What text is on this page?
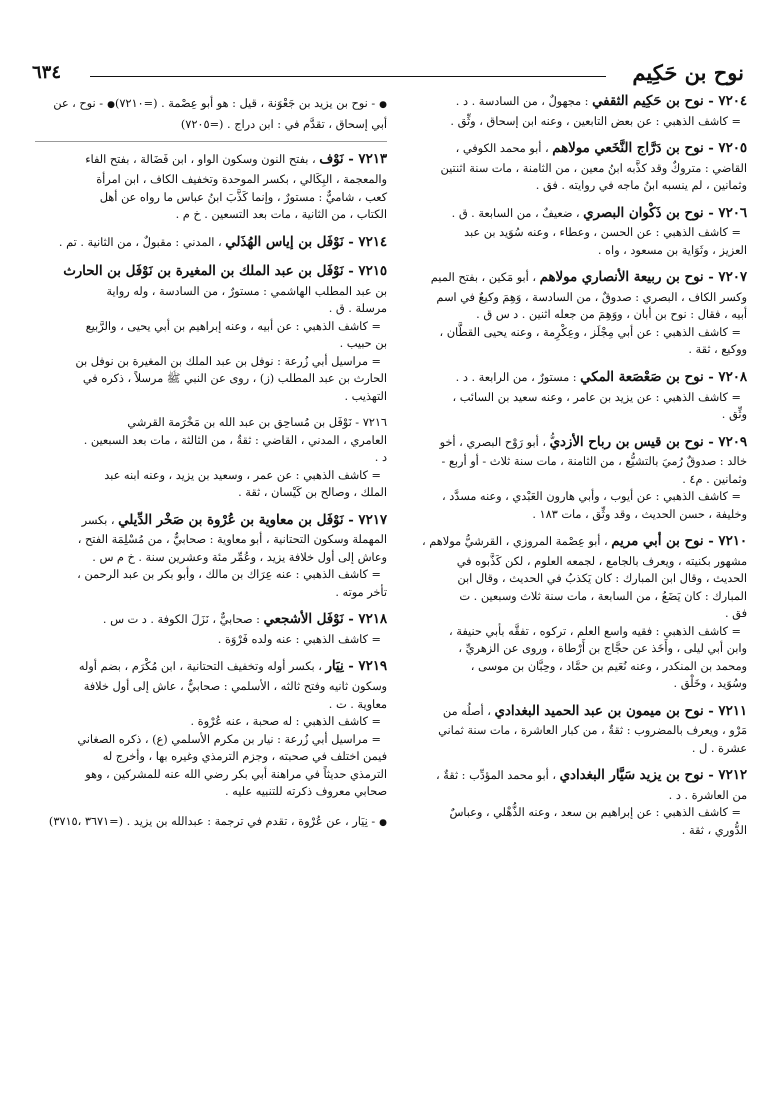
نوح بن حَكِيم
٦٣٤
٧٢٠٤ - نوح بن حَكِيم الثقفي : مجهولٌ ، من السادسة . د .
= كاشف الذهبي : عن بعض التابعين ، وعنه ابن إسحاق ، وثِّق .
٧٢٠٥ - نوح بن دَرَّاج النَّخَعي مولاهم ، أبو محمد الكوفي ،
القاضي : متروكٌ وقد كذَّبه ابنُ معين ، من الثامنة ، مات سنة اثنتين
وثمانين ، لم ينسبه ابنُ ماجه في روايته . فق .
٧٢٠٦ - نوح بن ذَكْوان البصري ، ضعيفٌ ، من السابعة . ق .
= كاشف الذهبي : عن الحسن ، وعطاء ، وعنه سُوَيد بن عبد
العزيز ، وثَوَاية بن مسعود ، واه .
٧٢٠٧ - نوح بن ربيعة الأنصاري مولاهم ، أبو مَكين ، بفتح الميم
وكسر الكاف ، البصري : صدوقٌ ، من السادسة ، وَهِمَ وكيعٌ في اسم
أبيه ، فقال : نوح بن أبان ، ووَهِمَ من جعله اثنين . د س ق .
= كاشف الذهبي : عن أبي مِجْلَز ، وعِكْرِمة ، وعنه يحيى القطَّان ،
ووكيع ، ثقة .
٧٢٠٨ - نوح بن صَعْصَعة المكي : مستورٌ ، من الرابعة . د .
= كاشف الذهبي : عن يزيد بن عامر ، وعنه سعيد بن السائب ،
وثِّق .
٧٢٠٩ - نوح بن قيس بن رباح الأزديُّ ، أبو رَوْح البصري ، أخو
خالد : صدوقٌ رُميَ بالتشيُّع ، من الثامنة ، مات سنة ثلاث - أو أربع -
وثمانين . م٤ .
= كاشف الذهبي : عن أيوب ، وأبي هارون العَبْدي ، وعنه مسدَّد ،
وخليفة ، حسن الحديث ، وقد وثِّق ، مات ١٨٣ .
٧٢١٠ - نوح بن أبي مريم ، أبو عِصْمة المروزي ، القرشيُّ مولاهم ،
مشهور بكنيته ، ويعرف بالجامع ، لجمعه العلوم ، لكن كَذَّبوه في
الحديث ، وقال ابن المبارك : كان يَكذبُ في الحديث ، وقال ابن
المبارك : كان يَضَعُ ، من السابعة ، مات سنة ثلاث وسبعين . ت
فق .
= كاشف الذهبي : فقيه واسع العلم ، تركوه ، تفقَّه بأبي حنيفة ،
وابن أبي ليلى ، وأَخَذ عن حجَّاج بن أَرْطاة ، وروى عن الزهريِّ ،
ومحمد بن المنكدر ، وعنه نُعَيم بن حمَّاد ، وحِبَّان بن موسى ،
وسُوَيد ، وخَلْق .
٧٢١١ - نوح بن ميمون بن عبد الحميد البغدادي ، أصلُه من
مَرْو ، ويعرف بالمضروب : ثقةٌ ، من كبار العاشرة ، مات سنة ثماني
عشرة . ل .
٧٢١٢ - نوح بن يزيد سَيَّار البغدادي ، أبو محمد المؤدِّب : ثقةٌ ،
من العاشرة . د .
= كاشف الذهبي : عن إبراهيم بن سعد ، وعنه الذُّهْلي ، وعباسٌ
الدُّوري ، ثقة .
● - نوح بن يزيد بن جَعْوَنة ، قيل : هو أبو عِصْمة . (=٧٢١٠)● - نوح ، عن أبي إسحاق ، تقدَّم في : ابن دراج . (=٧٢٠٥)
٧٢١٣ - نَوْف ، بفتح النون وسكون الواو ، ابن فَضَالة ، بفتح الفاء
والمعجمة ، البِكَالي ، بكسر الموحدة وتخفيف الكاف ، ابن امرأة
كعب ، شاميٌّ : مستورٌ ، وإنما كَذَّبَ ابنُ عباس ما رواه عن أهل
الكتاب ، من الثانية ، مات بعد التسعين . خ م .
٧٢١٤ - نَوْفَل بن إياس الهُذَلي ، المدني : مقبولٌ ، من الثانية . تم .
٧٢١٥ - نَوْفَل بن عبد الملك بن المغيرة بن نَوْفَل بن الحارث
بن عبد المطلب الهاشمي : مستورٌ ، من السادسة ، وله رواية
مرسلة . ق .
= كاشف الذهبي : عن أبيه ، وعنه إبراهيم بن أبي يحيى ، والرَّبيع
بن حبيب .
= مراسيل أبي زُرعة : نوفل بن عبد الملك بن المغيرة بن نوفل بن
الحارث بن عبد المطلب (ز) ، روى عن النبي ﷺ مرسلاً ، ذكره في
التهذيب .
٧٢١٦ - نَوْفَل بن مُساحِق بن عبد الله بن مَخْرَمة القرشي
العامري ، المدني ، القاضي : ثقةٌ ، من الثالثة ، مات بعد السبعين .
د .
= كاشف الذهبي : عن عمر ، وسعيد بن يزيد ، وعنه ابنه عبد
الملك ، وصالح بن كَيْسان ، ثقة .
٧٢١٧ - نَوْفَل بن معاوية بن عُرْوة بن صَخْر الدِّيلي ، بكسر
المهملة وسكون التحتانية ، أبو معاوية : صحابيٌّ ، من مُسْلِمَة الفتح ،
وعاش إلى أول خلافة يزيد ، وعُمِّر مئة وعشرين سنة . خ م س .
= كاشف الذهبي : عنه عِرَاك بن مالك ، وأبو بكر بن عبد الرحمن ،
تأخر موته .
٧٢١٨ - نَوْفَل الأشجعي : صحابيٌّ ، نَزَلَ الكوفة . د ت س .
= كاشف الذهبي : عنه ولده فَرْوَة .
٧٢١٩ - نِيَار ، بكسر أوله وتخفيف التحتانية ، ابن مُكْرَم ، بضم أوله
وسكون ثانيه وفتح ثالثه ، الأسلمي : صحابيٌّ ، عاش إلى أول خلافة
معاوية . ت .
= كاشف الذهبي : له صحبة ، عنه عُرْوة .
= مراسيل أبي زُرعة : نيار بن مكرم الأسلمي (ع) ، ذكره الصغاني
فيمن اختلف في صحبته ، وجزم الترمذي وغيره بها ، وأخرج له
الترمذي حديثاً في مراهنة أبي بكر رضي الله عنه للمشركين ، وهو
صحابي معروف ذكرته للتنبيه عليه .
● - نِيَار ، عن عُرْوة ، تقدم في ترجمة : عبدالله بن يزيد . (=٣٦٧١ ،٣٧١٥)
